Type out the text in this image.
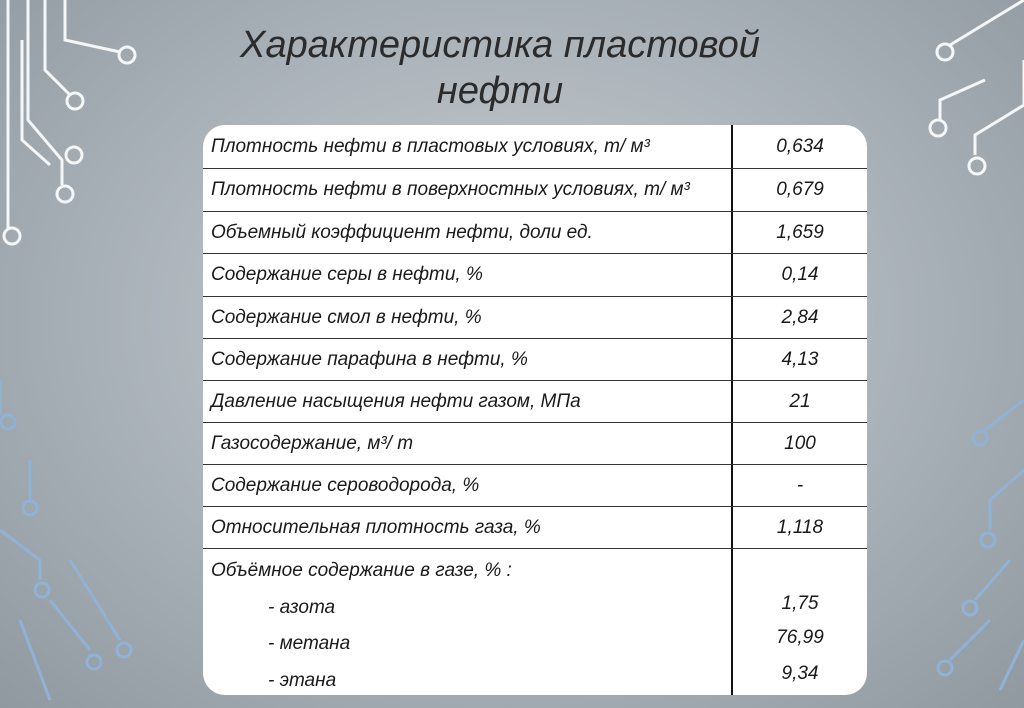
Характеристика пластовой
нефти
Плотность нефти в пластовых условиях, т/ м³	0,634
Плотность нефти в поверхностных условиях, т/ м³	0,679
Объемный коэффициент нефти, доли ед.	1,659
Содержание серы в нефти, %	0,14
Содержание смол в нефти, %	2,84
Содержание парафина в нефти, %	4,13
Давление насыщения нефти газом, МПа	21
Газосодержание, м³/ т	100
Содержание сероводорода, %	-
Относительная плотность газа, %	1,118
Объёмное содержание в газе, % :
- азота	1,75
- метана	76,99
- этана	9,34
